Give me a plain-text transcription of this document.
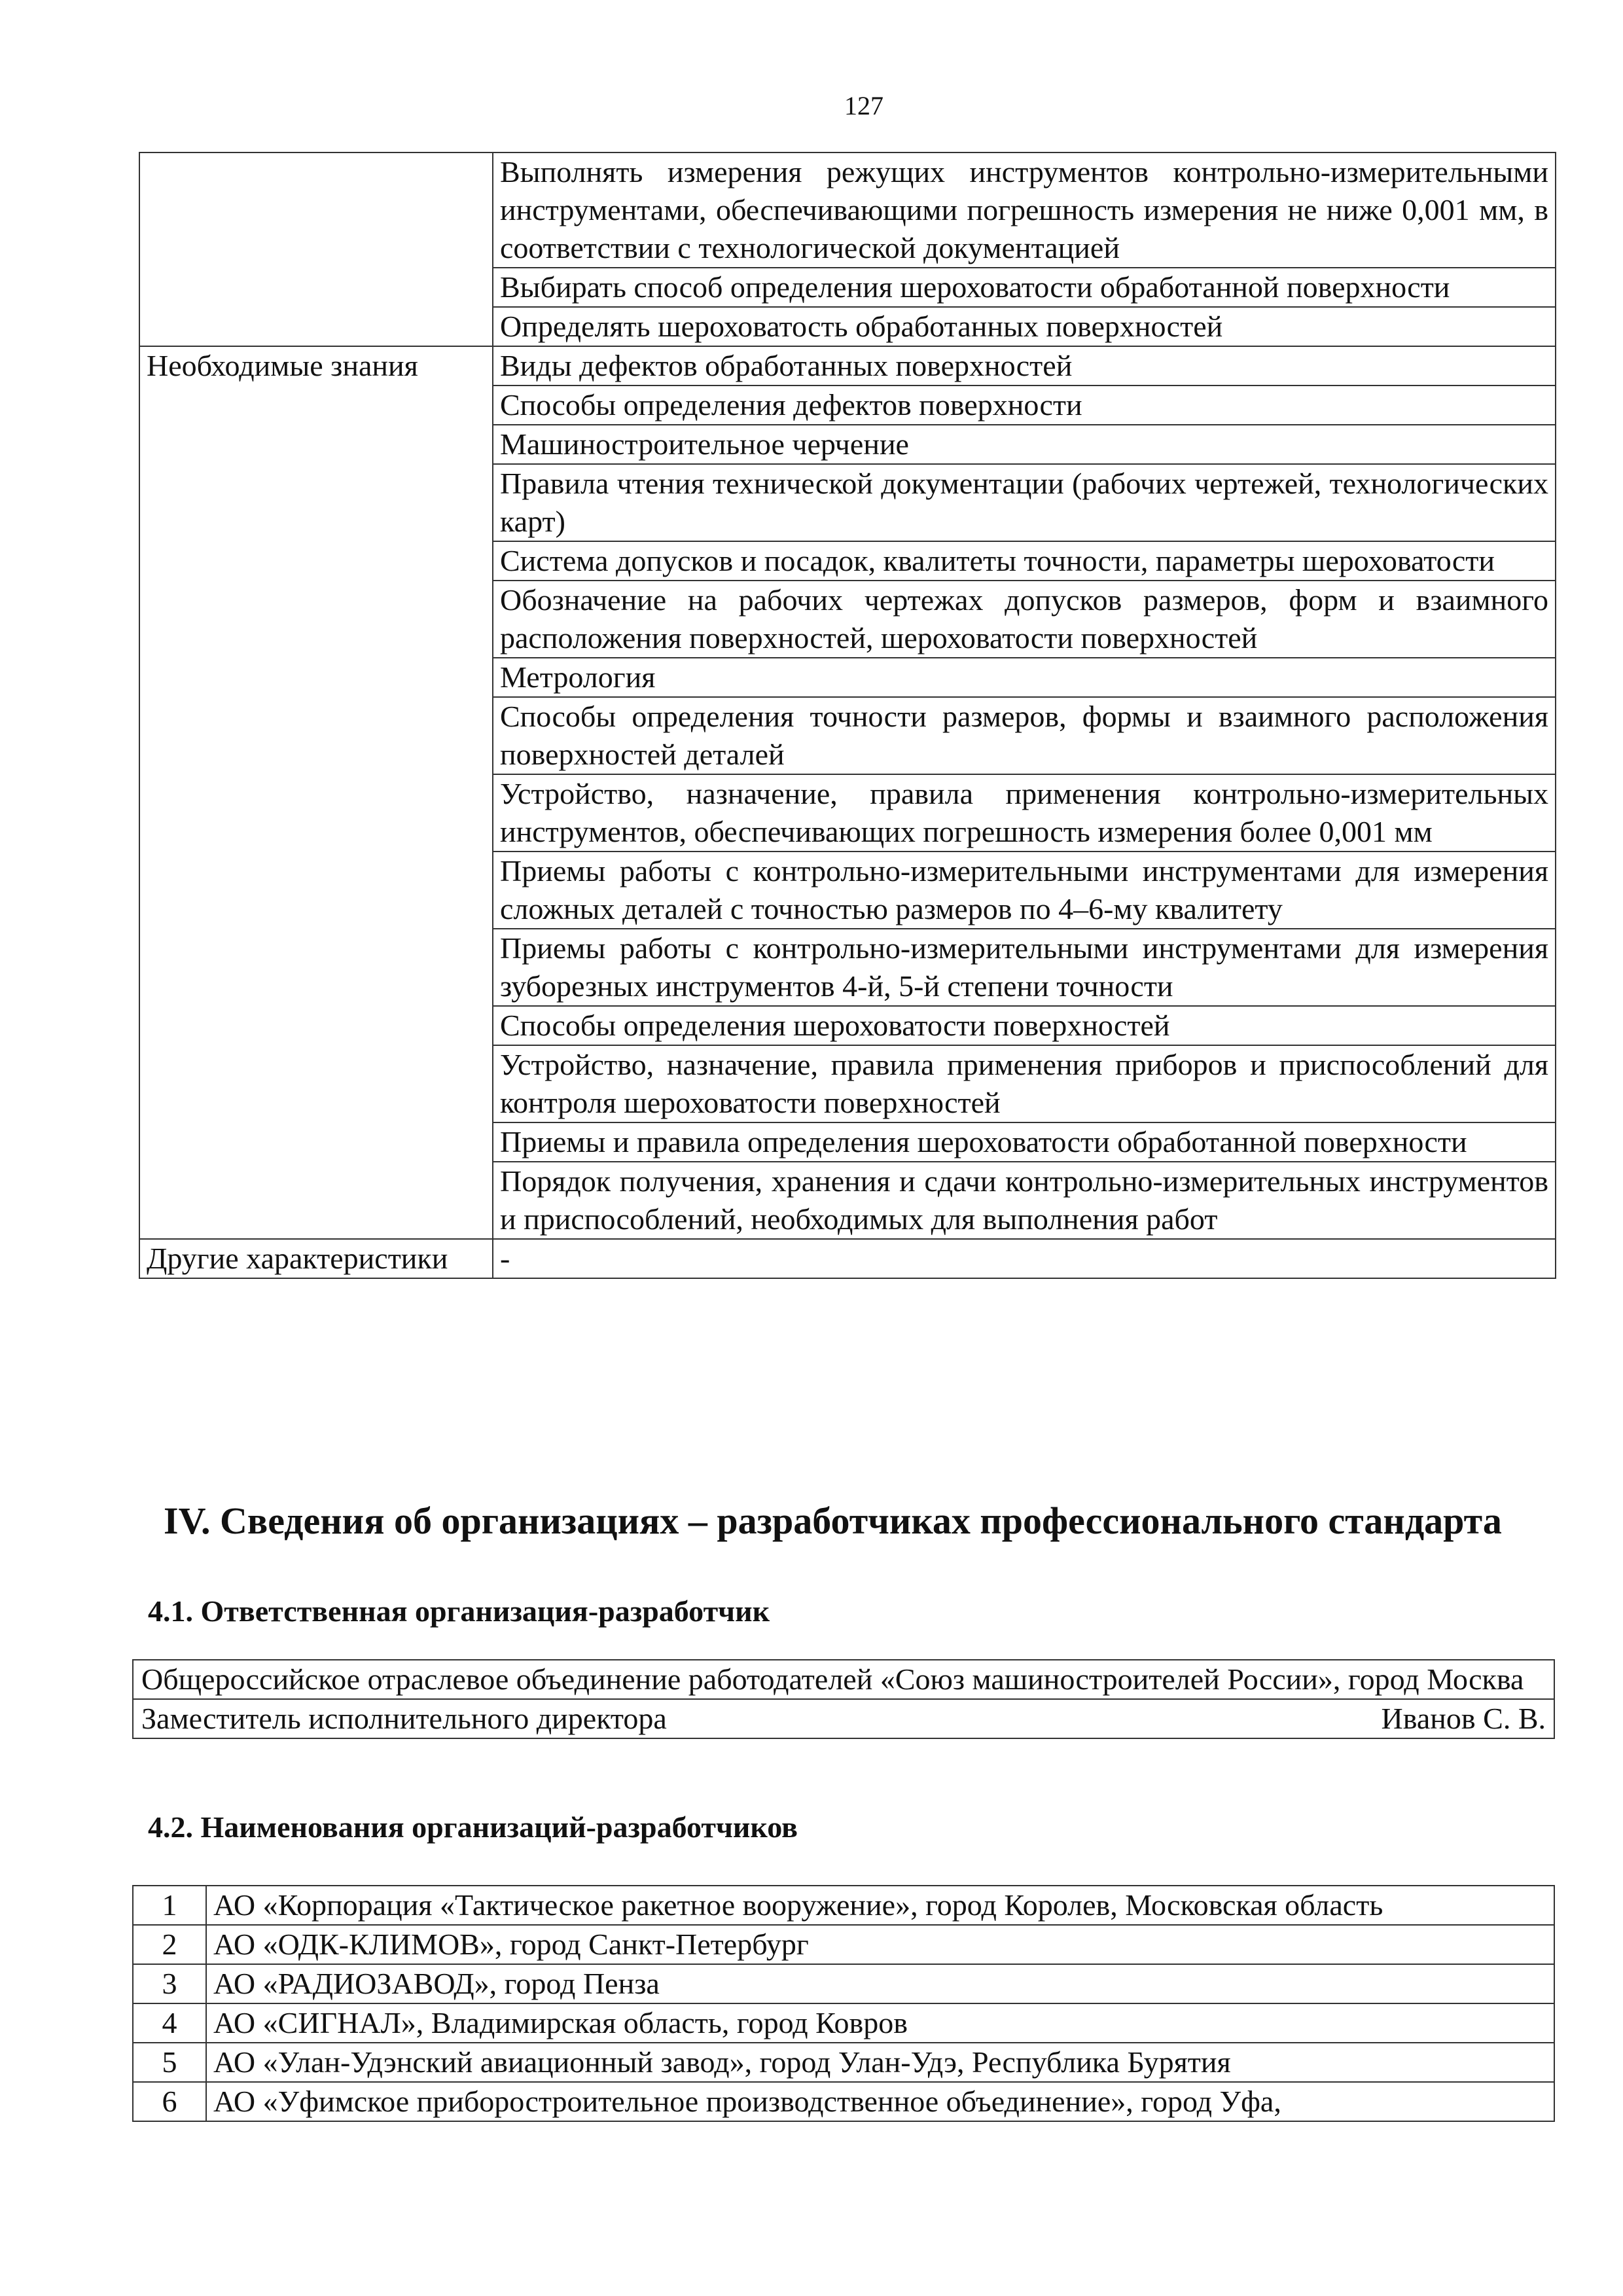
127
	Выполнять измерения режущих инструментов контрольно-измерительными инструментами, обеспечивающими погрешность измерения не ниже 0,001 мм, в соответствии с технологической документацией
	Выбирать способ определения шероховатости обработанной поверхности
	Определять шероховатость обработанных поверхностей
Необходимые знания	Виды дефектов обработанных поверхностей
	Способы определения дефектов поверхности
	Машиностроительное черчение
	Правила чтения технической документации (рабочих чертежей, технологических карт)
	Система допусков и посадок, квалитеты точности, параметры шероховатости
	Обозначение на рабочих чертежах допусков размеров, форм и взаимного расположения поверхностей, шероховатости поверхностей
	Метрология
	Способы определения точности размеров, формы и взаимного расположения поверхностей деталей
	Устройство, назначение, правила применения контрольно-измерительных инструментов, обеспечивающих погрешность измерения более 0,001 мм
	Приемы работы с контрольно-измерительными инструментами для измерения сложных деталей с точностью размеров по 4–6-му квалитету
	Приемы работы с контрольно-измерительными инструментами для измерения зуборезных инструментов 4-й, 5-й степени точности
	Способы определения шероховатости поверхностей
	Устройство, назначение, правила применения приборов и приспособлений для контроля шероховатости поверхностей
	Приемы и правила определения шероховатости обработанной поверхности
	Порядок получения, хранения и сдачи контрольно-измерительных инструментов и приспособлений, необходимых для выполнения работ
Другие характеристики	-
IV. Сведения об организациях – разработчиках профессионального стандарта
4.1. Ответственная организация-разработчик
Общероссийское отраслевое объединение работодателей «Союз машиностроителей России», город Москва

Заместитель исполнительного директора	Иванов С. В.
4.2. Наименования организаций-разработчиков
1	АО «Корпорация «Тактическое ракетное вооружение», город Королев, Московская область
2	АО «ОДК-КЛИМОВ», город Санкт-Петербург
3	АО «РАДИОЗАВОД», город Пенза
4	АО «СИГНАЛ», Владимирская область, город Ковров
5	АО «Улан-Удэнский авиационный завод», город Улан-Удэ, Республика Бурятия
6	АО «Уфимское приборостроительное производственное объединение», город Уфа,
